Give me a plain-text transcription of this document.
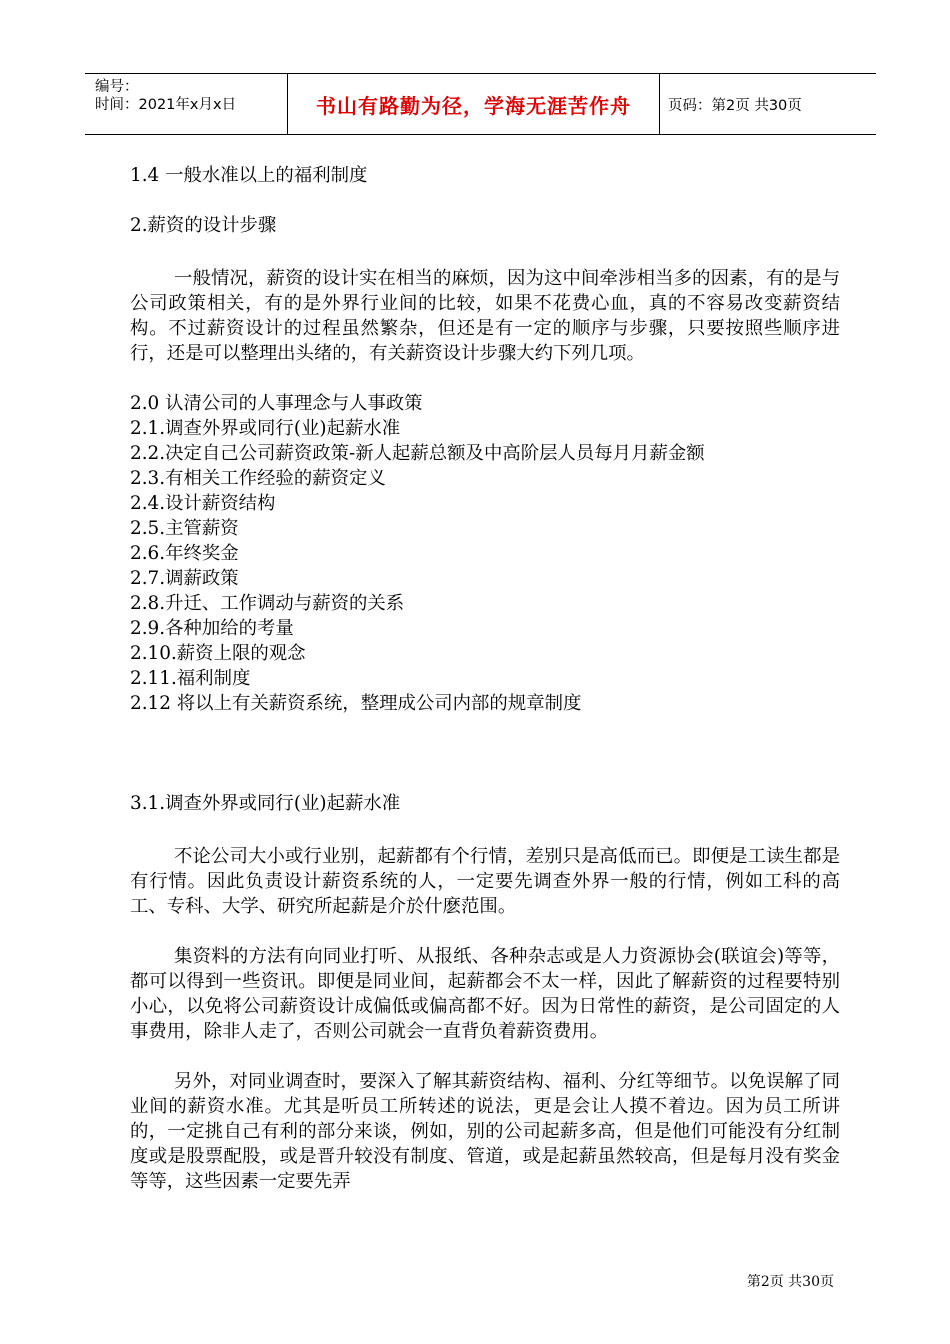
编号：
时间：2021年x月x日	书山有路勤为径，学海无涯苦作舟	页码：第2页 共30页

1.4 一般水准以上的福利制度

2.薪资的设计步骤

一般情况，薪资的设计实在相当的麻烦，因为这中间牵涉相当多的因素，有的是与公司政策相关，有的是外界行业间的比较，如果不花费心血，真的不容易改变薪资结构。不过薪资设计的过程虽然繁杂，但还是有一定的顺序与步骤，只要按照些顺序进行，还是可以整理出头绪的，有关薪资设计步骤大约下列几项。

2.0 认清公司的人事理念与人事政策
2.1.调查外界或同行(业)起薪水准
2.2.决定自己公司薪资政策-新人起薪总额及中高阶层人员每月月薪金额
2.3.有相关工作经验的薪资定义
2.4.设计薪资结构
2.5.主管薪资
2.6.年终奖金
2.7.调薪政策
2.8.升迁、工作调动与薪资的关系
2.9.各种加给的考量
2.10.薪资上限的观念
2.11.福利制度
2.12 将以上有关薪资系统，整理成公司内部的规章制度

3.1.调查外界或同行(业)起薪水准

不论公司大小或行业别，起薪都有个行情，差别只是高低而已。即便是工读生都是有行情。因此负责设计薪资系统的人，一定要先调查外界一般的行情，例如工科的高工、专科、大学、研究所起薪是介於什麽范围。

集资料的方法有向同业打听、从报纸、各种杂志或是人力资源协会(联谊会)等等，都可以得到一些资讯。即便是同业间，起薪都会不太一样，因此了解薪资的过程要特别小心，以免将公司薪资设计成偏低或偏高都不好。因为日常性的薪资，是公司固定的人事费用，除非人走了，否则公司就会一直背负着薪资费用。

另外，对同业调查时，要深入了解其薪资结构、福利、分红等细节。以免误解了同业间的薪资水准。尤其是听员工所转述的说法，更是会让人摸不着边。因为员工所讲的，一定挑自己有利的部分来谈，例如，别的公司起薪多高，但是他们可能没有分红制度或是股票配股，或是晋升较没有制度、管道，或是起薪虽然较高，但是每月没有奖金等等，这些因素一定要先弄

第2页 共30页
